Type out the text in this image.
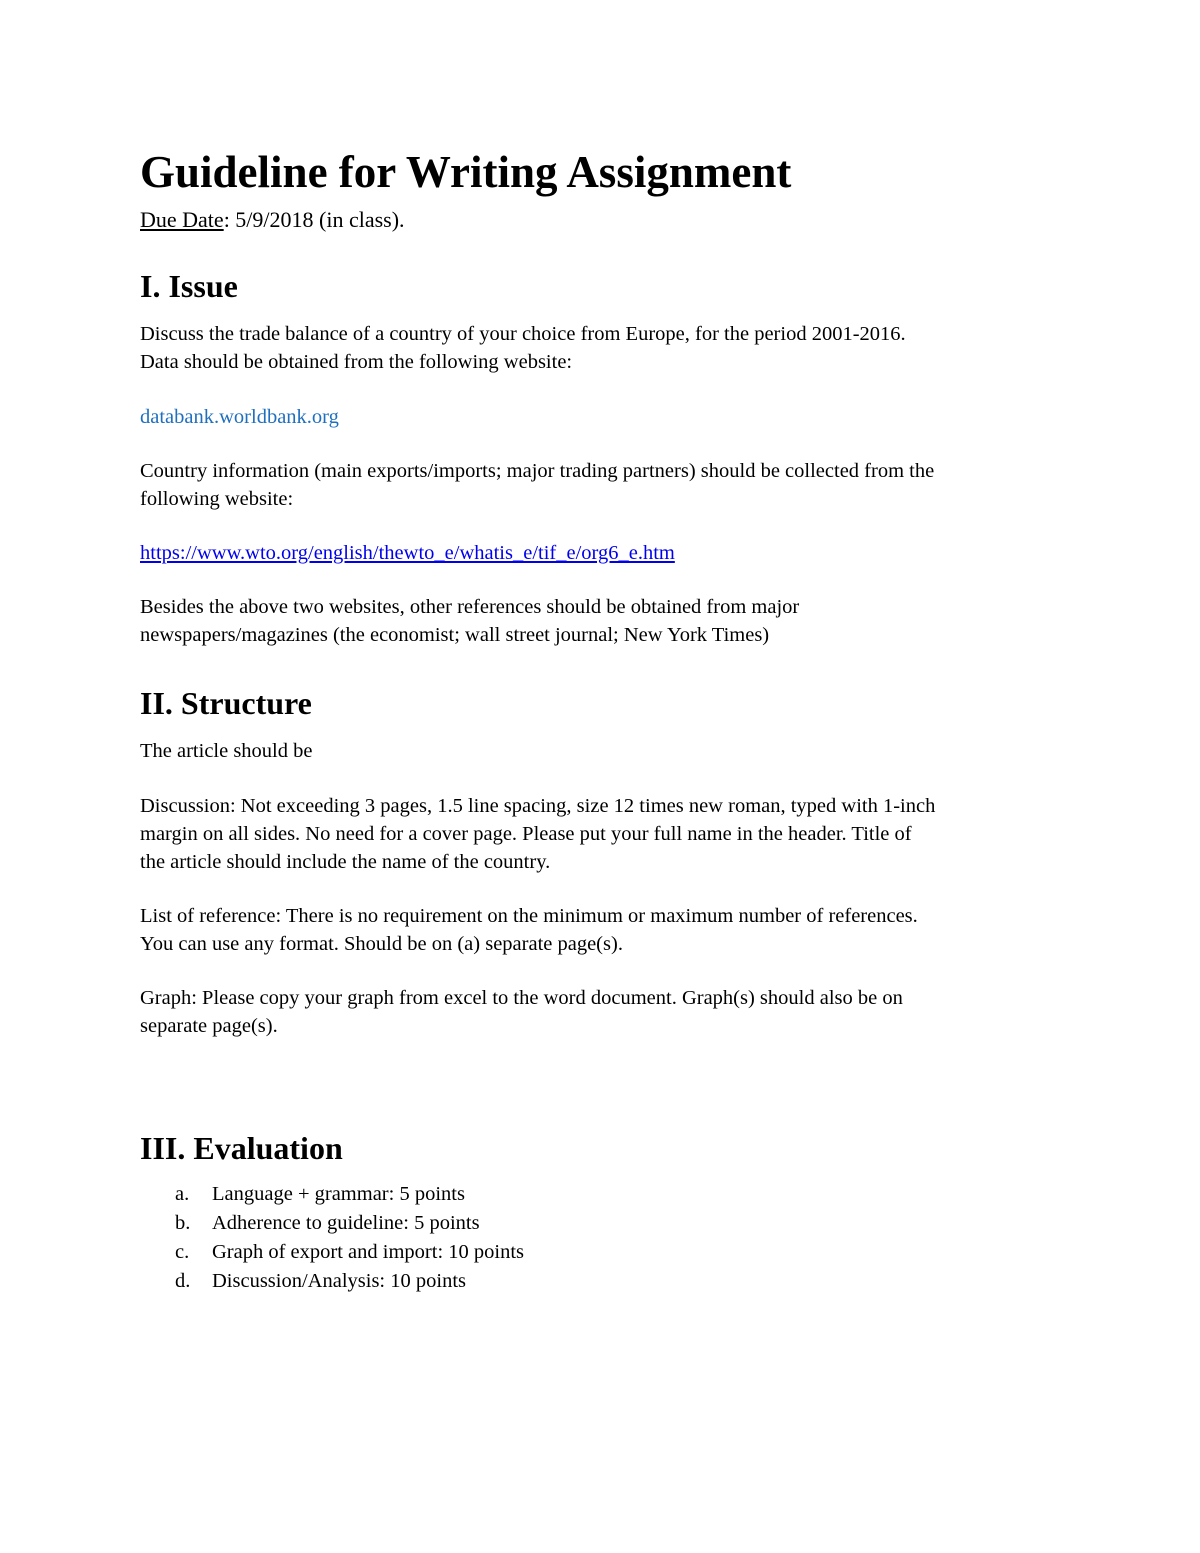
Guideline for Writing Assignment

Due Date: 5/9/2018 (in class).

I. Issue

Discuss the trade balance of a country of your choice from Europe, for the period 2001-2016.
Data should be obtained from the following website:

databank.worldbank.org

Country information (main exports/imports; major trading partners) should be collected from the
following website:

https://www.wto.org/english/thewto_e/whatis_e/tif_e/org6_e.htm

Besides the above two websites, other references should be obtained from major
newspapers/magazines (the economist; wall street journal; New York Times)

II. Structure

The article should be

Discussion: Not exceeding 3 pages, 1.5 line spacing, size 12 times new roman, typed with 1-inch
margin on all sides. No need for a cover page. Please put your full name in the header. Title of
the article should include the name of the country.

List of reference: There is no requirement on the minimum or maximum number of references.
You can use any format. Should be on (a) separate page(s).

Graph: Please copy your graph from excel to the word document. Graph(s) should also be on
separate page(s).

III. Evaluation
a. Language + grammar: 5 points
b. Adherence to guideline: 5 points
c. Graph of export and import: 10 points
d. Discussion/Analysis: 10 points
